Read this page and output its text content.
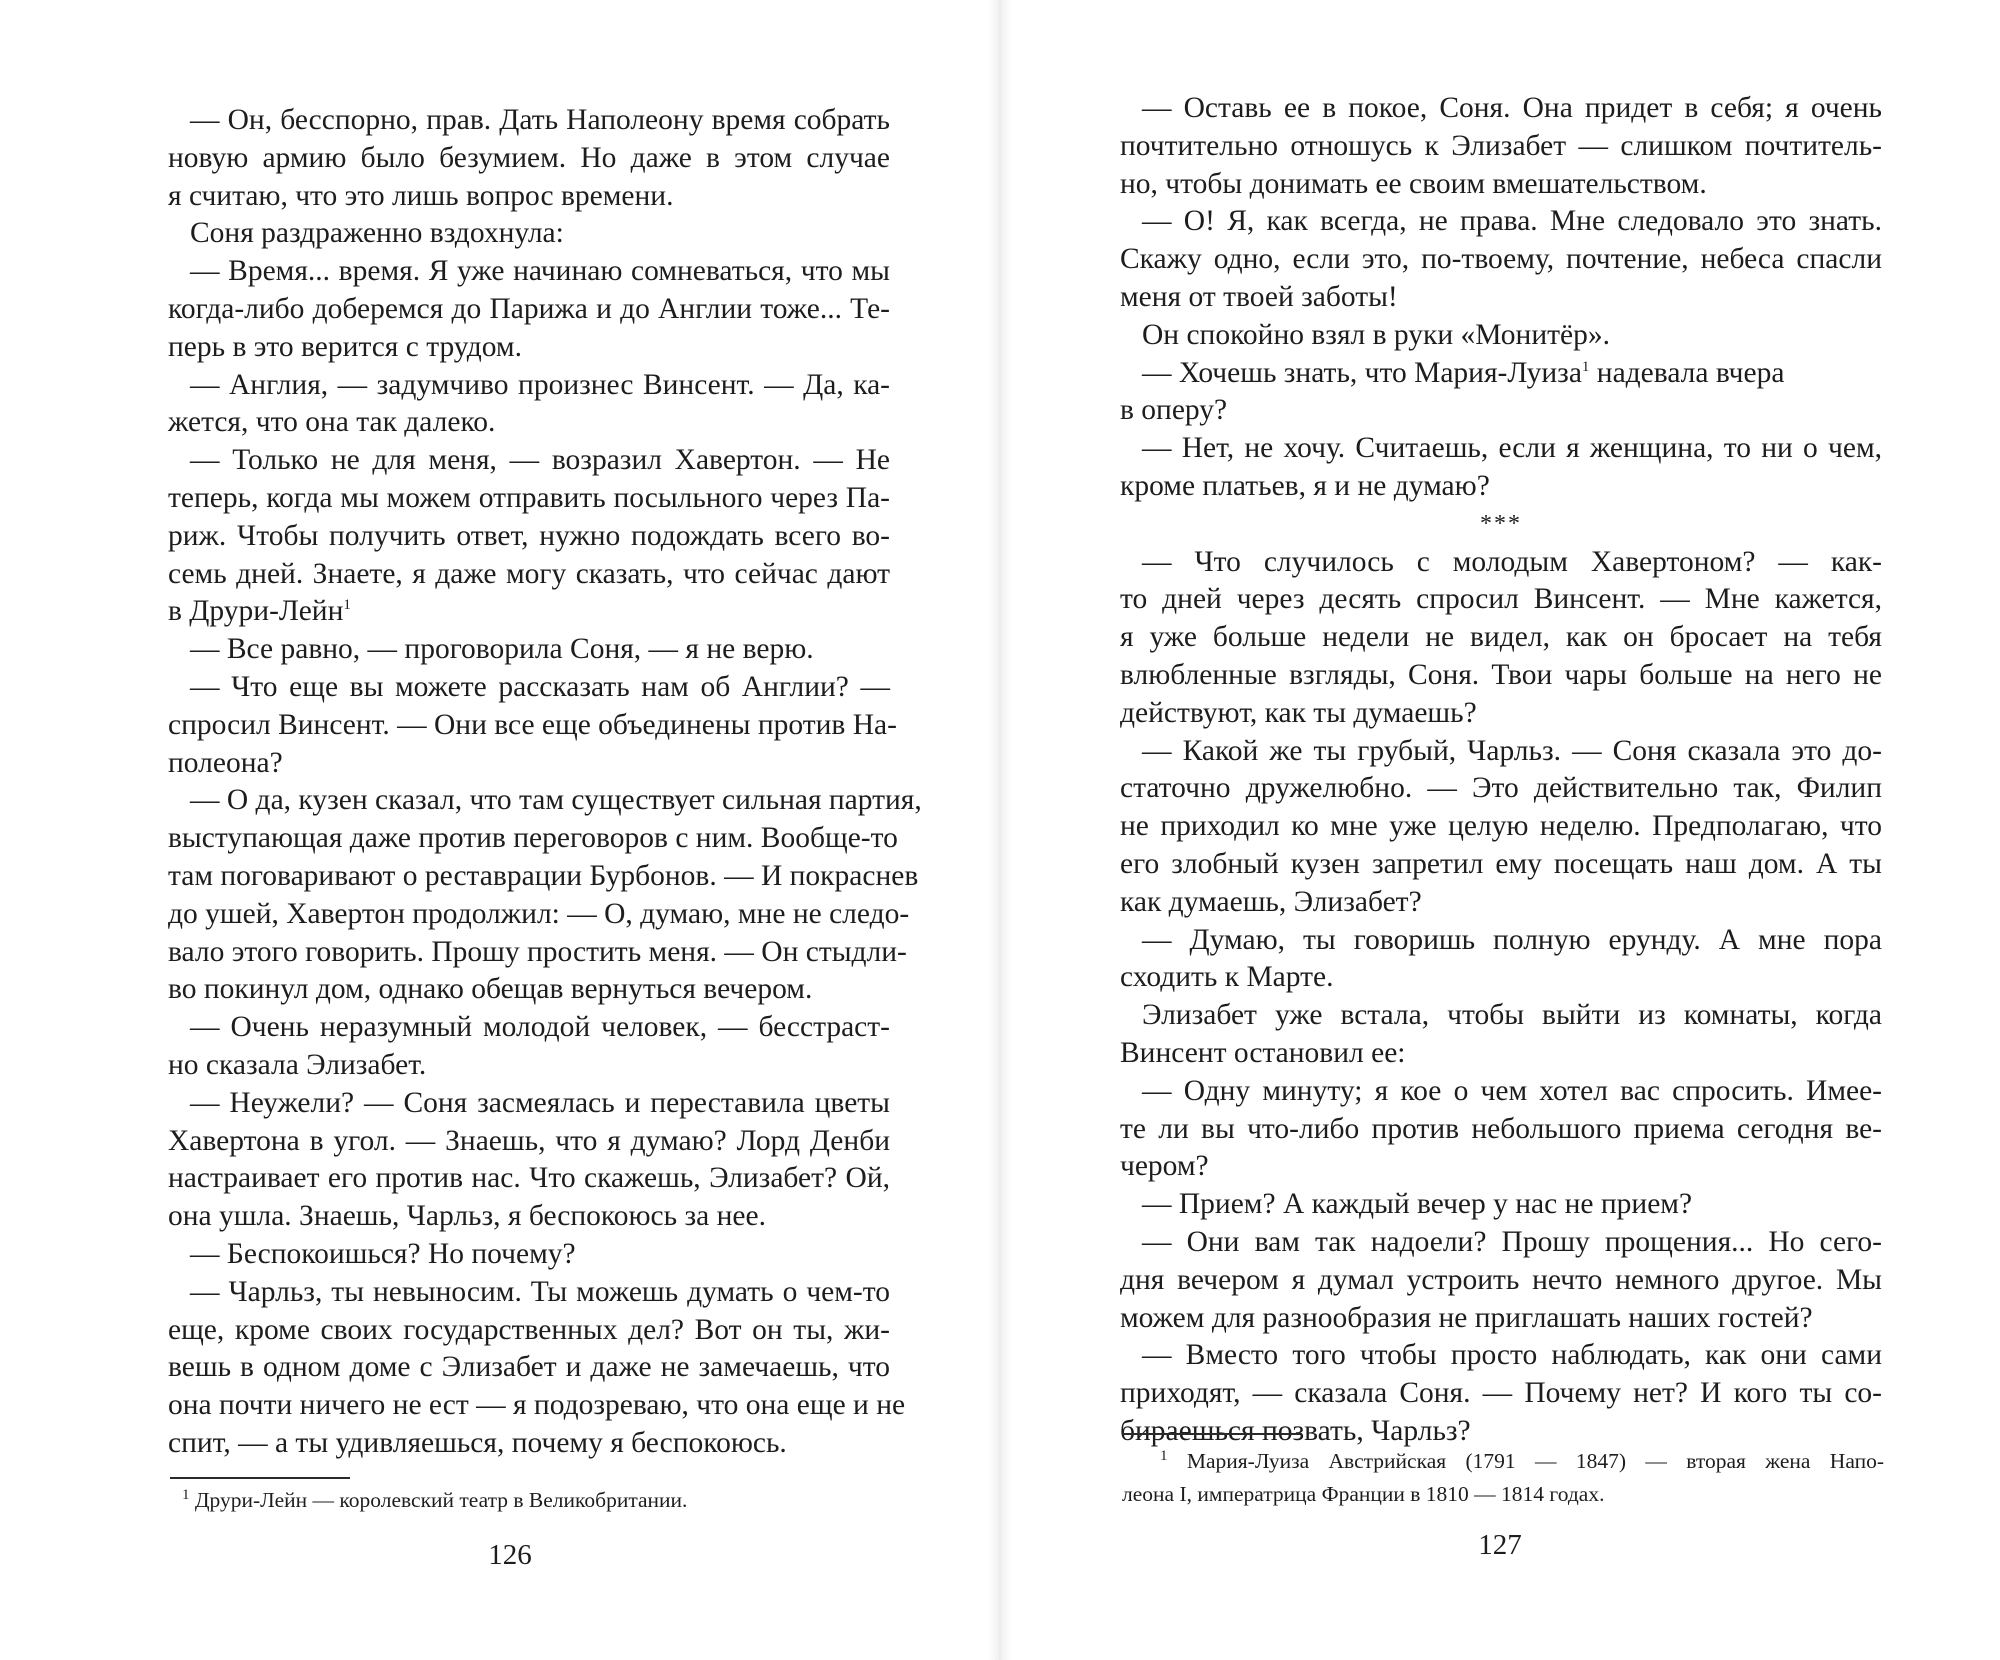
— Он, бесспорно, прав. Дать Наполеону время собрать
новую армию было безумием. Но даже в этом случае
я считаю, что это лишь вопрос времени.
Соня раздраженно вздохнула:
— Время... время. Я уже начинаю сомневаться, что мы
когда-либо доберемся до Парижа и до Англии тоже... Те-
перь в это верится с трудом.
— Англия, — задумчиво произнес Винсент. — Да, ка-
жется, что она так далеко.
— Только не для меня, — возразил Хавертон. — Не
теперь, когда мы можем отправить посыльного через Па-
риж. Чтобы получить ответ, нужно подождать всего во-
семь дней. Знаете, я даже могу сказать, что сейчас дают
в Друри-Лейн$^1$
— Все равно, — проговорила Соня, — я не верю.
— Что еще вы можете рассказать нам об Англии? —
спросил Винсент. — Они все еще объединены против На-
полеона?
— О да, кузен сказал, что там существует сильная партия,
выступающая даже против переговоров с ним. Вообще-то
там поговаривают о реставрации Бурбонов. — И покраснев
до ушей, Хавертон продолжил: — О, думаю, мне не следо-
вало этого говорить. Прошу простить меня. — Он стыдли-
во покинул дом, однако обещав вернуться вечером.
— Очень неразумный молодой человек, — бесстраст-
но сказала Элизабет.
— Неужели? — Соня засмеялась и переставила цветы
Хавертона в угол. — Знаешь, что я думаю? Лорд Денби
настраивает его против нас. Что скажешь, Элизабет? Ой,
она ушла. Знаешь, Чарльз, я беспокоюсь за нее.
— Беспокоишься? Но почему?
— Чарльз, ты невыносим. Ты можешь думать о чем-то
еще, кроме своих государственных дел? Вот он ты, жи-
вешь в одном доме с Элизабет и даже не замечаешь, что
она почти ничего не ест — я подозреваю, что она еще и не
спит, — а ты удивляешься, почему я беспокоюсь.
$^1$ Друри-Лейн — королевский театр в Великобритании.
126
— Оставь ее в покое, Соня. Она придет в себя; я очень
почтительно отношусь к Элизабет — слишком почтитель-
но, чтобы донимать ее своим вмешательством.
— О! Я, как всегда, не права. Мне следовало это знать.
Скажу одно, если это, по-твоему, почтение, небеса спасли
меня от твоей заботы!
Он спокойно взял в руки «Монитёр».
— Хочешь знать, что Мария-Луиза$^1$ надевала вчера
в оперу?
— Нет, не хочу. Считаешь, если я женщина, то ни о чем,
кроме платьев, я и не думаю?
***
— Что случилось с молодым Хавертоном? — как-
то дней через десять спросил Винсент. — Мне кажется,
я уже больше недели не видел, как он бросает на тебя
влюбленные взгляды, Соня. Твои чары больше на него не
действуют, как ты думаешь?
— Какой же ты грубый, Чарльз. — Соня сказала это до-
статочно дружелюбно. — Это действительно так, Филип
не приходил ко мне уже целую неделю. Предполагаю, что
его злобный кузен запретил ему посещать наш дом. А ты
как думаешь, Элизабет?
— Думаю, ты говоришь полную ерунду. А мне пора
сходить к Марте.
Элизабет уже встала, чтобы выйти из комнаты, когда
Винсент остановил ее:
— Одну минуту; я кое о чем хотел вас спросить. Имее-
те ли вы что-либо против небольшого приема сегодня ве-
чером?
— Прием? А каждый вечер у нас не прием?
— Они вам так надоели? Прошу прощения... Но сего-
дня вечером я думал устроить нечто немного другое. Мы
можем для разнообразия не приглашать наших гостей?
— Вместо того чтобы просто наблюдать, как они сами
приходят, — сказала Соня. — Почему нет? И кого ты со-
бираешься позвать, Чарльз?
$^1$ Мария-Луиза Австрийская (1791 — 1847) — вторая жена Напо-
леона I, императрица Франции в 1810 — 1814 годах.
127
